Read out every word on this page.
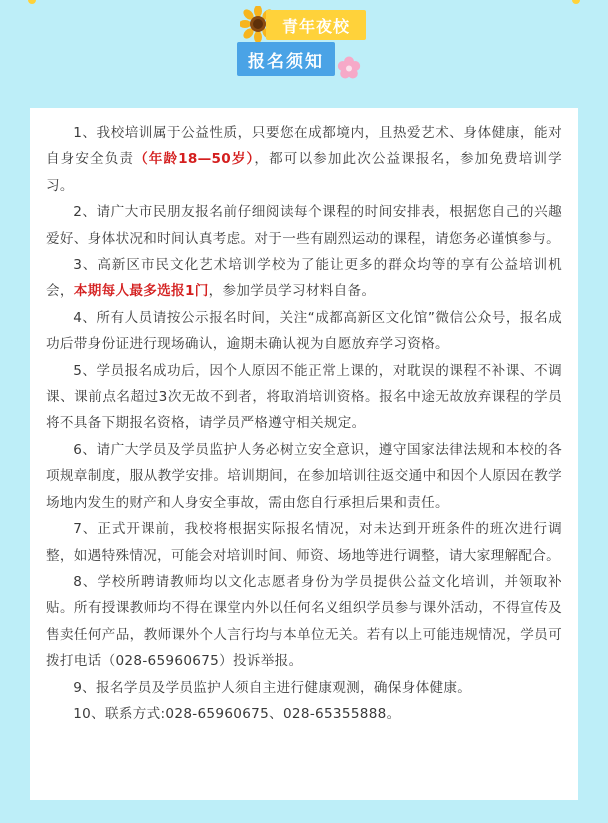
青年夜校
报名须知

1、我校培训属于公益性质，只要您在成都境内，且热爱艺术、身体健康，能对自身安全负责（年龄18—50岁），都可以参加此次公益课报名，参加免费培训学习。

2、请广大市民朋友报名前仔细阅读每个课程的时间安排表，根据您自己的兴趣爱好、身体状况和时间认真考虑。对于一些有剧烈运动的课程，请您务必谨慎参与。

3、高新区市民文化艺术培训学校为了能让更多的群众均等的享有公益培训机会，本期每人最多选报1门，参加学员学习材料自备。

4、所有人员请按公示报名时间，关注“成都高新区文化馆”微信公众号，报名成功后带身份证进行现场确认，逾期未确认视为自愿放弃学习资格。

5、学员报名成功后，因个人原因不能正常上课的，对耽误的课程不补课、不调课、课前点名超过3次无故不到者，将取消培训资格。报名中途无故放弃课程的学员将不具备下期报名资格，请学员严格遵守相关规定。

6、请广大学员及学员监护人务必树立安全意识，遵守国家法律法规和本校的各项规章制度，服从教学安排。培训期间，在参加培训往返交通中和因个人原因在教学场地内发生的财产和人身安全事故，需由您自行承担后果和责任。

7、正式开课前，我校将根据实际报名情况，对未达到开班条件的班次进行调整，如遇特殊情况，可能会对培训时间、师资、场地等进行调整，请大家理解配合。

8、学校所聘请教师均以文化志愿者身份为学员提供公益文化培训，并领取补贴。所有授课教师均不得在课堂内外以任何名义组织学员参与课外活动，不得宣传及售卖任何产品，教师课外个人言行均与本单位无关。若有以上可能违规情况，学员可拨打电话（028-65960675）投诉举报。

9、报名学员及学员监护人须自主进行健康观测，确保身体健康。

10、联系方式:028-65960675、028-65355888。
